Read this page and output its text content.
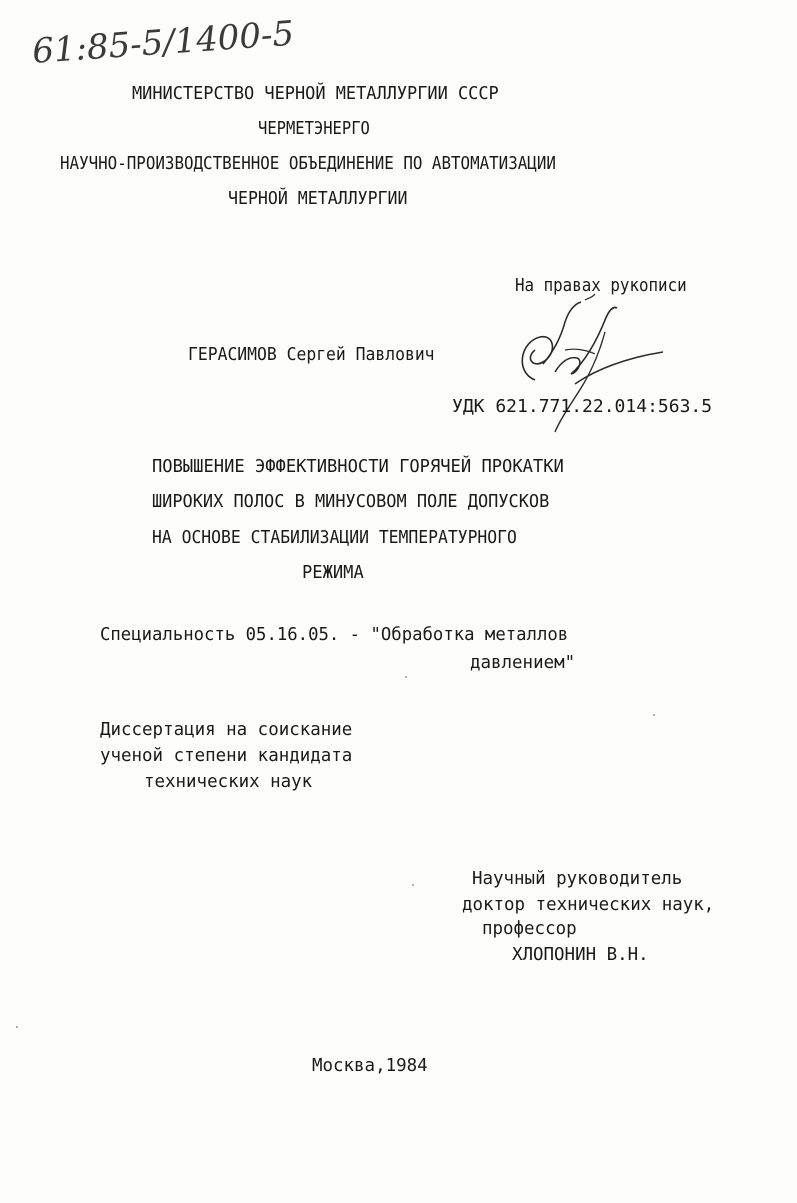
61:85-5/1400-5
МИНИСТЕРСТВО ЧЕРНОЙ МЕТАЛЛУРГИИ СССР
ЧЕРМЕТЭНЕРГО
НАУЧНО-ПРОИЗВОДСТВЕННОЕ ОБЪЕДИНЕНИЕ ПО АВТОМАТИЗАЦИИ
ЧЕРНОЙ МЕТАЛЛУРГИИ
На правах рукописи
ГЕРАСИМОВ Сергей Павлович
УДК 621.771.22.014:563.5
ПОВЫШЕНИЕ ЭФФЕКТИВНОСТИ ГОРЯЧЕЙ ПРОКАТКИ
ШИРОКИХ ПОЛОС В МИНУСОВОМ ПОЛЕ ДОПУСКОВ
НА ОСНОВЕ СТАБИЛИЗАЦИИ ТЕМПЕРАТУРНОГО
РЕЖИМА
Специальность 05.16.05. - "Обработка металлов
давлением"
Диссертация на соискание
ученой степени кандидата
технических наук
Научный руководитель
доктор технических наук,
профессор
ХЛОПОНИН В.Н.
Москва,1984
